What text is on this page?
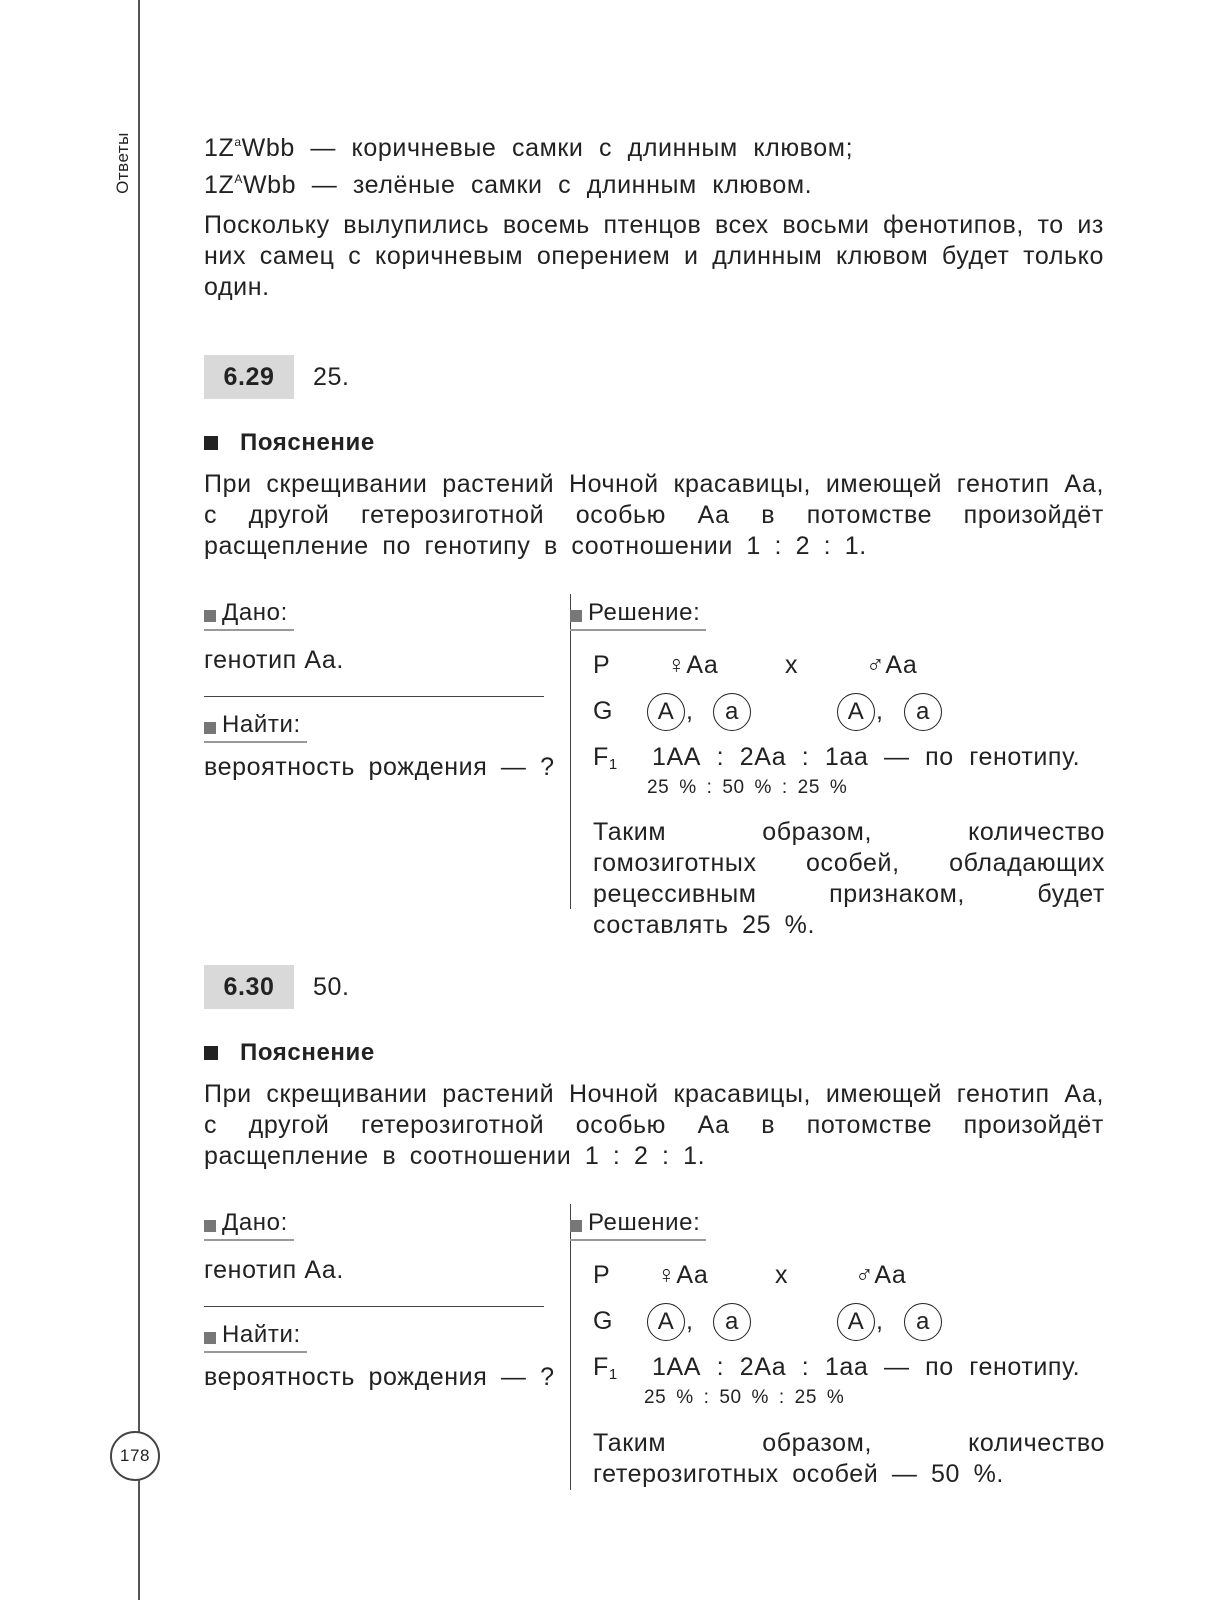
Ответы
178
$1Z^aWbb$ — коричневые самки с длинным клювом;
$1Z^AWbb$ — зелёные самки с длинным клювом.
Поскольку вылупились восемь птенцов всех восьми фенотипов, то из них самец с коричневым оперением и длинным клювом будет только один.
6.29	25.
Пояснение
При скрещивании растений Ночной красавицы, имеющей генотип Аа, с другой гетерозиготной особью Аа в потомстве произойдёт расщепление по генотипу в соотношении 1 : 2 : 1.
Дано:
генотип Аа.
Найти:
вероятность рождения — ?
Решение:
P ♀Аа	x	♂Аа
G	A ,	a	A ,	a
$F_1$ 1АА : 2Аа : 1аа — по генотипу.
25 % : 50 % : 25 %
Таким образом, количество гомозиготных особей, обладающих рецессивным признаком, будет составлять 25 %.
6.30	50.
Пояснение
При скрещивании растений Ночной красавицы, имеющей генотип Аа, с другой гетерозиготной особью Аа в потомстве произойдёт расщепление в соотношении 1 : 2 : 1.
Дано:
генотип Аа.
Найти:
вероятность рождения — ?
Решение:
P ♀Аа	x	♂Аа
G	A ,	a	A ,	a
$F_1$ 1АА : 2Аа : 1аа — по генотипу.
25 % : 50 % : 25 %
Таким образом, количество гетерозиготных особей — 50 %.
